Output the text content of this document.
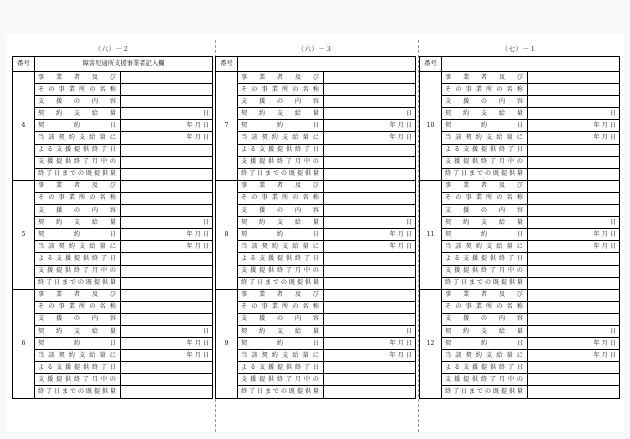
（六）－２
番号	障害児通所支援事業者記入欄	
4	事業者及び	
	その事業所の名称	
	支援の内容	
	契約支給量	日
	契約日	年 月 日
	当該契約支給量に	年 月 日
	よる支援提供終了日	
	支援提供終了月中の	
	終了日までの既提供量	
5	事業者及び	
	その事業所の名称	
	支援の内容	
	契約支給量	日
	契約日	年 月 日
	当該契約支給量に	年 月 日
	よる支援提供終了日	
	支援提供終了月中の	
	終了日までの既提供量	
6	事業者及び	
	その事業所の名称	
	支援の内容	
	契約支給量	日
	契約日	年 月 日
	当該契約支給量に	年 月 日
	よる支援提供終了日	
	支援提供終了月中の	
	終了日までの既提供量	
（六）－３
番号		
7	事業者及び	
	その事業所の名称	
	支援の内容	
	契約支給量	日
	契約日	年 月 日
	当該契約支給量に	年 月 日
	よる支援提供終了日	
	支援提供終了月中の	
	終了日までの既提供量	
8	事業者及び	
	その事業所の名称	
	支援の内容	
	契約支給量	日
	契約日	年 月 日
	当該契約支給量に	年 月 日
	よる支援提供終了日	
	支援提供終了月中の	
	終了日までの既提供量	
9	事業者及び	
	その事業所の名称	
	支援の内容	
	契約支給量	日
	契約日	年 月 日
	当該契約支給量に	年 月 日
	よる支援提供終了日	
	支援提供終了月中の	
	終了日までの既提供量	
（七）－１
番号		
10	事業者及び	
	その事業所の名称	
	支援の内容	
	契約支給量	日
	契約日	年 月 日
	当該契約支給量に	年 月 日
	よる支援提供終了日	
	支援提供終了月中の	
	終了日までの既提供量	
11	事業者及び	
	その事業所の名称	
	支援の内容	
	契約支給量	日
	契約日	年 月 日
	当該契約支給量に	年 月 日
	よる支援提供終了日	
	支援提供終了月中の	
	終了日までの既提供量	
12	事業者及び	
	その事業所の名称	
	支援の内容	
	契約支給量	日
	契約日	年 月 日
	当該契約支給量に	年 月 日
	よる支援提供終了日	
	支援提供終了月中の	
	終了日までの既提供量	
